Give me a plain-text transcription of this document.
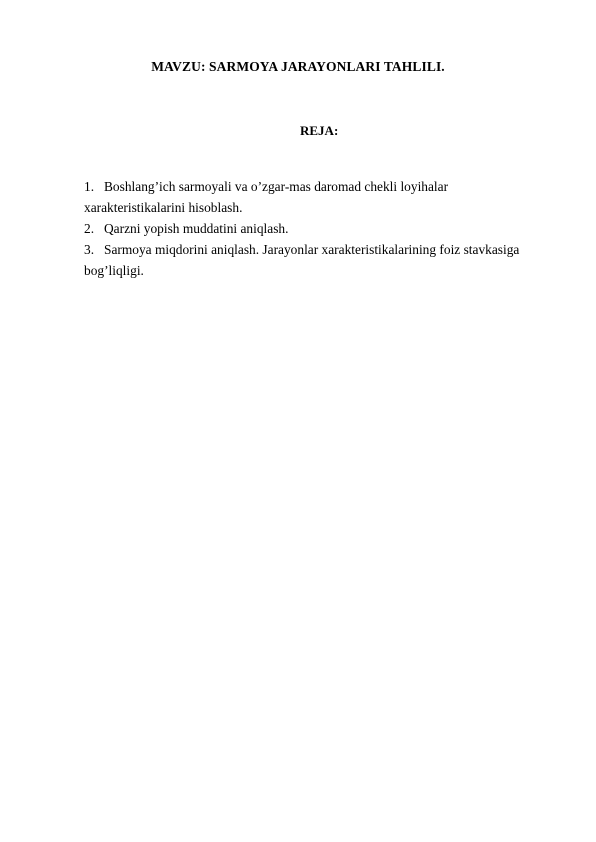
MAVZU: SARMOYA JARAYONLARI TAHLILI.
REJA:

1. Boshlang’ich sarmoyali va o’zgar-mas daromad chekli loyihalar
xarakteristikalarini hisoblash.

2. Qarzni yopish muddatini aniqlash.

3. Sarmoya miqdorini aniqlash. Jarayonlar xarakteristikalarining foiz stavkasiga
bog’liqligi.
